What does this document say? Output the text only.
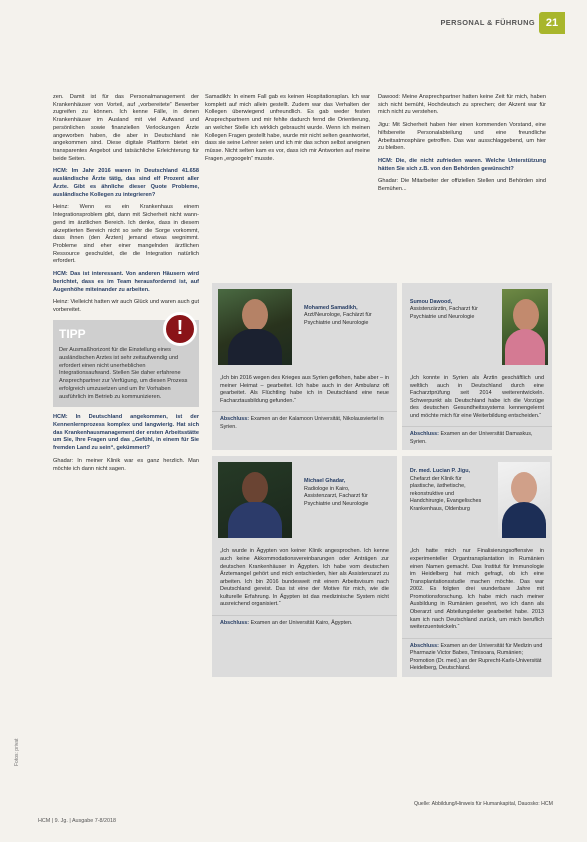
PERSONAL & FÜHRUNG 21

zen. Damit ist für das Personalmanagement der Krankenhäuser von Vorteil, auf „vorbereitete“ Bewerber zugreifen zu können. Ich kenne Fälle, in denen Krankenhäuser im Ausland mit viel Aufwand und persönlichen sowie finanziellen Verlockungen Ärzte angeworben haben, die aber in Deutschland nie angekommen sind. Diese digitale Plattform bietet ein transparentes Angebot und tatsächliche Erleichterung für beide Seiten.

HCM: Im Jahr 2016 waren in Deutschland 41.658 ausländische Ärzte tätig, das sind elf Prozent aller Ärzte. Gibt es ähnliche dieser Quote Probleme, ausländische Kollegen zu integrieren?

Heinz: Wenn es ein Krankenhaus einem Integrationsproblem gibt, dann mit Sicherheit nicht wann-gend im ärztlichen Bereich. Ich denke, dass in diesem akzeptierten Bereich nicht so sehr die Sorge vorkommt, dass ihnen (den Ärzten) jemand etwas wegnimmt. Probleme sind eher einer mangelnden ärztlichen Ressource geschuldet, die die Integration natürlich erfordert.

HCM: Das ist interessant. Von anderen Häusern wird berichtet, dass es im Team herausfordernd ist, auf Augenhöhe miteinander zu arbeiten.

Heinz: Vielleicht hatten wir auch Glück und waren auch gut vorbereitet.

!
TIPP

Der Ausmaßhorizont für die Einstellung eines ausländischen Arztes ist sehr zeitaufwendig und erfordert einen nicht unerheblichen Integrationsaufwand. Stellen Sie daher erfahrene Ansprechpartner zur Verfügung, um diesen Prozess erfolgreich umzusetzen und um Ihr Vorhaben ausführlich im Betrieb zu kommunizieren.

HCM: In Deutschland angekommen, ist der Kennenlernprozess komplex und langwierig. Hat sich das Krankenhausmanagement der ersten Arbeitsstätte um Sie, Ihre Fragen und das „Gefühl, in einem für Sie fremden Land zu sein“, gekümmert?

Ghadar: In meiner Klinik war es ganz herzlich. Man möchte ich dann nicht sagen.

Samadikh: In einem Fall gab es keinen Hospitationsplan. Ich war komplett auf mich allein gestellt. Zudem war das Verhalten der Kollegen überwiegend unfreundlich. Es gab weder festen Ansprechpartnern und mir fehlte dadurch fernd die Orientierung, an welcher Stelle ich wirklich gebraucht wurde. Wenn ich meinen Kollegen Fragen gestellt habe, wurde mir nicht selten geantwortet, dass sie seine Lehrer seien und ich mir das schon selbst aneignen müsse. Nicht selten kam es vor, dass ich mir Antworten auf meine Fragen „ergoogeln“ musste.

Dawood: Meine Ansprechpartner hatten keine Zeit für mich, haben sich nicht bemüht, Hochdeutsch zu sprechen; der Akzent war für mich nicht zu verstehen.

Jigu: Mit Sicherheit haben hier einen kommenden Vorstand, eine hilfsbereite Personalabteilung und eine freundliche Arbeitsatmosphäre getroffen. Das war ausschlaggebend, um hier zu bleiben.

HCM: Die, die nicht zufrieden waren. Welche Unterstützung hätten Sie sich z.B. von den Behörden gewünscht?

Ghadar: Die Mitarbeiter der offiziellen Stellen und Behörden sind Bemühen...

Mohamed Samadikh,
Arzt/Neurologe, Fachärzt für Psychiatrie und Neurologie

„Ich bin 2016 wegen des Krieges aus Syrien geflohen, habe aber – in meiner Heimat – gearbeitet. Ich habe auch in der Ambulanz oft gearbeitet. Als Flüchtling habe ich in Deutschland eine neue Facharztausbildung gefunden.“

Abschluss: Examen an der Kalamoon Universität, Nikolausviertel in Syrien.
Sumou Dawood,
Assistenzärztin, Facharzt für Psychiatrie und Neurologie

„Ich konnte in Syrien als Ärztin geschäftlich und weltlich auch in Deutschland durch eine Facharztprüfung seit 2014 weiterentwickeln. Schwerpunkt als Deutschland habe ich die Vorzüge des deutschen Gesundheitssystems kennengelernt und möchte mich für eine Weiterbildung entscheiden.“

Abschluss: Examen an der Universität Damaskus, Syrien.
Michael Ghadar,
Radiologe in Kairo, Assistenzarzt, Facharzt für Psychiatrie und Neurologie

„Ich wurde in Ägypten von keiner Klinik angesprochen. Ich kenne auch keine Akkommodationsvereinbarungen oder Anträgen zur deutschen Krankenhäuser in Ägypten. Ich habe vom deutschen Ärztemangel gehört und mich entschieden, hier als Assistenzarzt zu arbeiten. Ich bin 2016 bundesweit mit einem Arbeitsvisum nach Deutschland gereist. Das ist eine der Motive für mich, wie die kulturelle Erfahrung. In Ägypten ist das medizinische System nicht ausreichend organisiert.“

Abschluss: Examen an der Universität Kairo, Ägypten.
Dr. med. Lucian P. Jigu,
Chefarzt der Klinik für plastische, ästhetische, rekonstruktive und Handchirurgie, Evangelisches Krankenhaus, Oldenburg

„Ich hatte mich nur Finalisierungsoffensive in experimenteller Organtransplantation in Rumänien einen Namen gemacht. Das Institut für Immunologie im Heidelberg hat mich gefragt, ob ich eine Transplantationsstudie machen möchte. Das war 2002. Es folgten drei wunderbare Jahre mit Promotionsforschung. Ich habe mich nach meiner Ausbildung in Rumänien gesehnt, wo ich dann als Oberarzt und Abteilungsleiter gearbeitet habe. 2013 kam ich nach Deutschland zurück, um mich beruflich weiterzuentwickeln.“

Abschluss: Examen an der Universität für Medizin und Pharmazie Victor Babes, Timisoara, Rumänien; Promotion (Dr. med.) an der Ruprecht-Karls-Universität Heidelberg, Deutschland.
Quelle: Abbildung/Hinweis für Humankapital, Dauosko: HCM
HCM | 9. Jg. | Ausgabe 7-8/2018
Fotos: privat
